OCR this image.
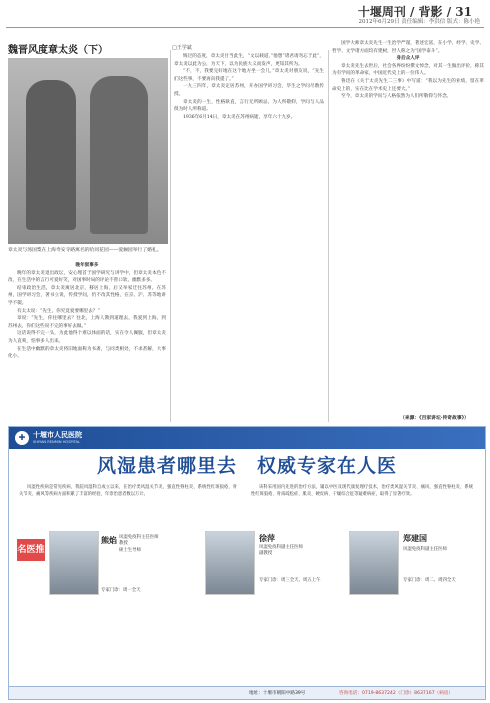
十堰周刊 / 背影 / 31
2012年6月29日 责任编辑：李洪信 版式：陈小艳
魏晋风度章太炎（下）	□王学斌
章太炎与汤国梨在上海寿安寺路寓名的哈同花园——爱俪园举行了婚礼。

晚年狱事多

晚年的章太炎退出政坛，安心埋首于国学研究与讲学中，但章太炎本色不改，在生活中的言行可爱好笑，对国事时局的评论不曾口软，幽默多多。

结束政治生活，章太炎寓居北京，移居上海，后又举家迁往苏州。在苏州，国学讲习会，著书立说，传授学问，仍不改其性格，在京、沪、苏等地讲学不辍。

有太太说：“先生，你究竟爱要哪里去？”

章说：“先生，你往哪里去？往北，上海人教到道理去，我爱到上海，到苏州去，你们这些说不完的事好去做。”

这话说得不完一头，为此他得个难以体面的话，实在令人佩服，但章太炎为人直爽，怕事多人出来。

在生活中幽默的章太炎将旧地面称为书斋，与同类相处，不求甚解，大事化小。

悔过的态度，章太炎甘当此生，“文以载道，”他想“诸君请勿忘于此”，章太炎以此为公，为天下，以为民族大义而发声，更知其所为。

“不，不，我要完好地在这个地方坐一会儿，”章太炎对朋友说，“先生们这些事，不要再向我提了。”

一九三四年，章太炎定居苏州，开办国学讲习会，毕生之学问尽数传授。

章太炎的一生，性格耿直，言行无所顾忌，为人所敬仰，学问与人品俱为时人所称道。

1936年6月14日，章太炎在苏州病逝，享年六十九岁。

国学大师章太炎先生一生治学严谨，著述宏富，在小学、经学、史学、哲学、文学诸方面均有建树，世人称之为“国学泰斗”。

身后众人评

章太炎先生去世后，社会各界纷纷撰文悼念，对其一生做出评价，称其为有学问的革命家，中国近代史上的一位伟人。

鲁迅在《关于太炎先生二三事》中写道：“我以为先生的业绩，留在革命史上的，实在比在学术史上还要大。”

至今，章太炎的学问与人格依然为人们所敬仰与怀念。

（来源：《百家讲坛·传奇故事》）
✚	十堰市人民医院
SHIYAN RENMIN HOSPITAL
风湿患者哪里去　权威专家在人医
风湿性疾病是常见疾病，我院风湿科自成立以来，在治疗类风湿关节炎、强直性脊柱炎、系统性红斑狼疮、骨关节炎、痛风等疾病方面积累了丰富的经验，年诊治患者数以万计。
该科采用国内先进的治疗方法，辅以中医及现代康复理疗技术，治疗类风湿关节炎、痛风、强直性脊柱炎、系统性红斑狼疮、骨质疏松症、肌炎、硬皮病、干燥综合征等疑难病症，取得了显著疗效。
名医推介
熊焰 风湿免疫科主任医师
教授
硕士生导师
专家门诊：周一全天
徐萍
风湿免疫科副主任医师
副教授
专家门诊：周三全天、周五上午
郑建国
风湿免疫科副主任医师
专家门诊：周二、周四全天
地址：十堰市朝阳中路39号	咨询电话：0719-8637242（门诊）8637167（病房）
